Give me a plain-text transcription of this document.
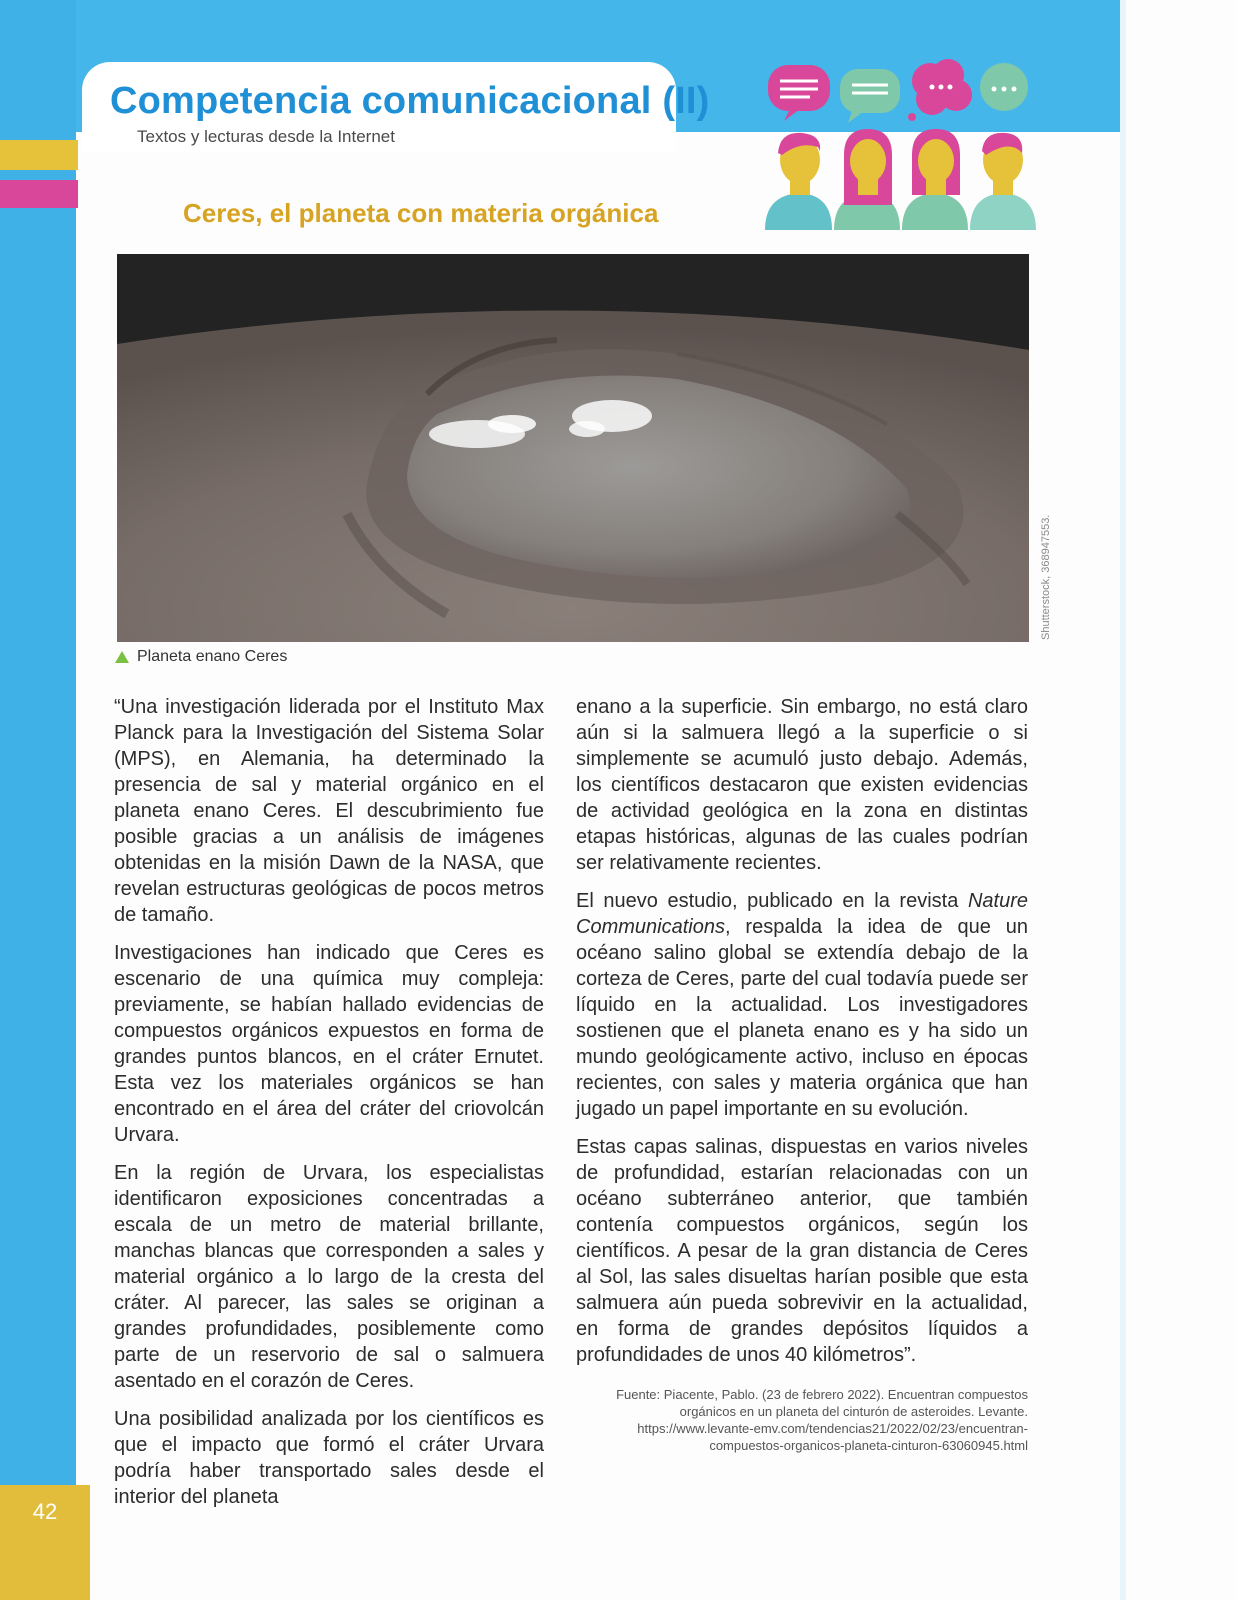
Competencia comunicacional (II)

Textos y lecturas desde la Internet

Ceres, el planeta con materia orgánica
Shutterstock, 368947553.
Planeta enano Ceres

“Una investigación liderada por el Instituto Max Planck para la Investigación del Sistema Solar (MPS), en Alemania, ha determinado la presencia de sal y material orgánico en el planeta enano Ceres. El descubrimiento fue posible gracias a un análisis de imágenes obtenidas en la misión Dawn de la NASA, que revelan estructuras geológicas de pocos metros de tamaño.

Investigaciones han indicado que Ceres es escenario de una química muy compleja: previamente, se habían hallado evidencias de compuestos orgánicos expuestos en forma de grandes puntos blancos, en el cráter Ernutet. Esta vez los materiales orgánicos se han encontrado en el área del cráter del criovolcán Urvara.

En la región de Urvara, los especialistas identificaron exposiciones concentradas a escala de un metro de material brillante, manchas blancas que corresponden a sales y material orgánico a lo largo de la cresta del cráter. Al parecer, las sales se originan a grandes profundidades, posiblemente como parte de un reservorio de sal o salmuera asentado en el corazón de Ceres.

Una posibilidad analizada por los científicos es que el impacto que formó el cráter Urvara podría haber transportado sales desde el interior del planeta

enano a la superficie. Sin embargo, no está claro aún si la salmuera llegó a la superficie o si simplemente se acumuló justo debajo. Además, los científicos destacaron que existen evidencias de actividad geológica en la zona en distintas etapas históricas, algunas de las cuales podrían ser relativamente recientes.

El nuevo estudio, publicado en la revista Nature Communications, respalda la idea de que un océano salino global se extendía debajo de la corteza de Ceres, parte del cual todavía puede ser líquido en la actualidad. Los investigadores sostienen que el planeta enano es y ha sido un mundo geológicamente activo, incluso en épocas recientes, con sales y materia orgánica que han jugado un papel importante en su evolución.

Estas capas salinas, dispuestas en varios niveles de profundidad, estarían relacionadas con un océano subterráneo anterior, que también contenía compuestos orgánicos, según los científicos. A pesar de la gran distancia de Ceres al Sol, las sales disueltas harían posible que esta salmuera aún pueda sobrevivir en la actualidad, en forma de grandes depósitos líquidos a profundidades de unos 40 kilómetros”.

Fuente: Piacente, Pablo. (23 de febrero 2022). Encuentran compuestos orgánicos en un planeta del cinturón de asteroides. Levante. https://www.levante-emv.com/tendencias21/2022/02/23/encuentran-compuestos-organicos-planeta-cinturon-63060945.html
42
